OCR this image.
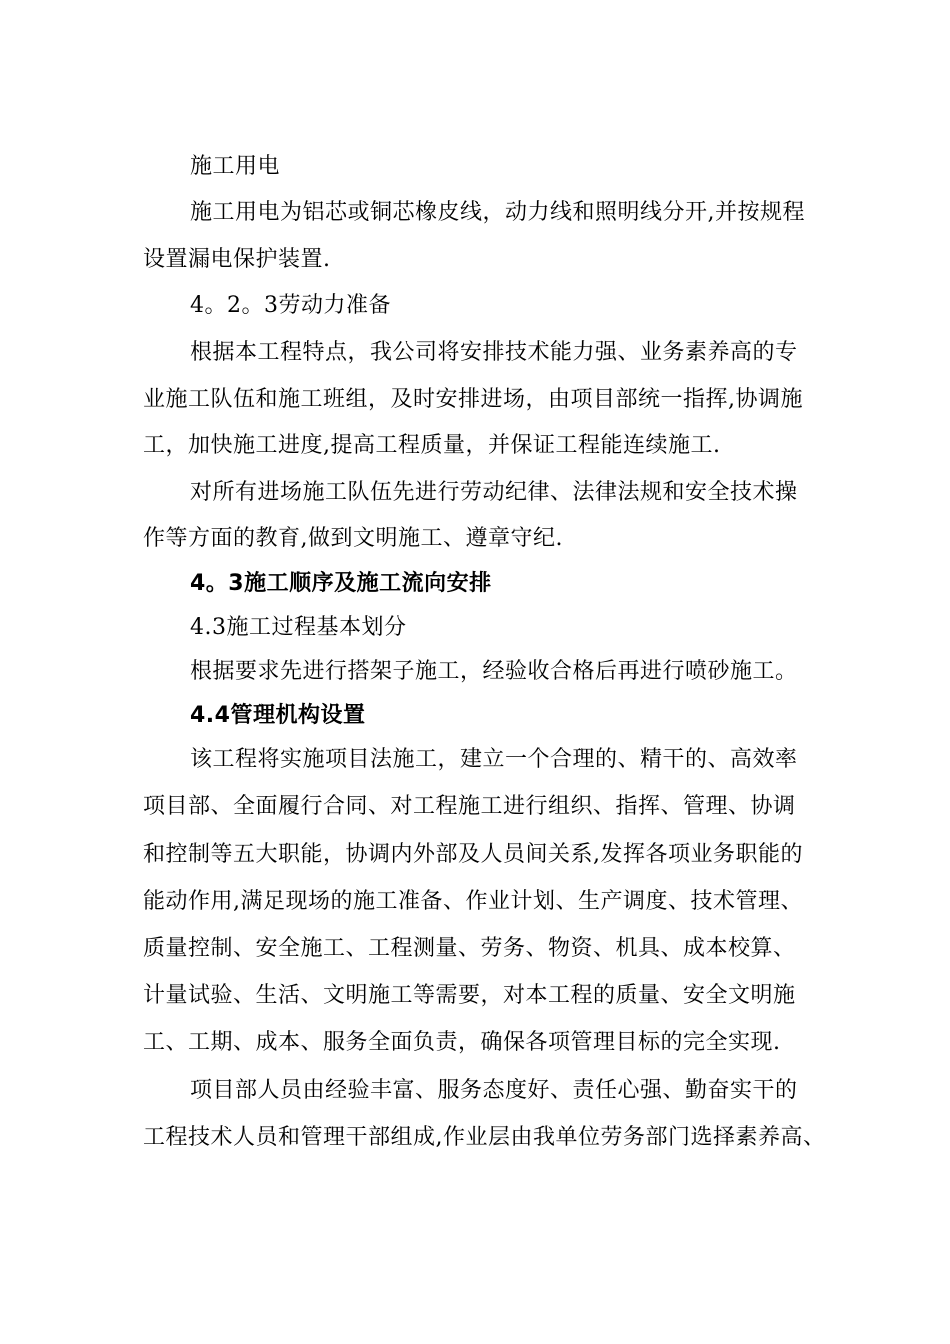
施工用电
施工用电为铝芯或铜芯橡皮线，动力线和照明线分开,并按规程
设置漏电保护装置.
4。2。3劳动力准备
根据本工程特点，我公司将安排技术能力强、业务素养高的专
业施工队伍和施工班组，及时安排进场，由项目部统一指挥,协调施
工，加快施工进度,提高工程质量，并保证工程能连续施工.
对所有进场施工队伍先进行劳动纪律、法律法规和安全技术操
作等方面的教育,做到文明施工、遵章守纪.
4。3施工顺序及施工流向安排
4.3施工过程基本划分
根据要求先进行搭架子施工，经验收合格后再进行喷砂施工。
4.4管理机构设置
该工程将实施项目法施工，建立一个合理的、精干的、高效率
项目部、全面履行合同、对工程施工进行组织、指挥、管理、协调
和控制等五大职能，协调内外部及人员间关系,发挥各项业务职能的
能动作用,满足现场的施工准备、作业计划、生产调度、技术管理、
质量控制、安全施工、工程测量、劳务、物资、机具、成本校算、
计量试验、生活、文明施工等需要，对本工程的质量、安全文明施
工、工期、成本、服务全面负责，确保各项管理目标的完全实现.
项目部人员由经验丰富、服务态度好、责任心强、勤奋实干的
工程技术人员和管理干部组成,作业层由我单位劳务部门选择素养高、
